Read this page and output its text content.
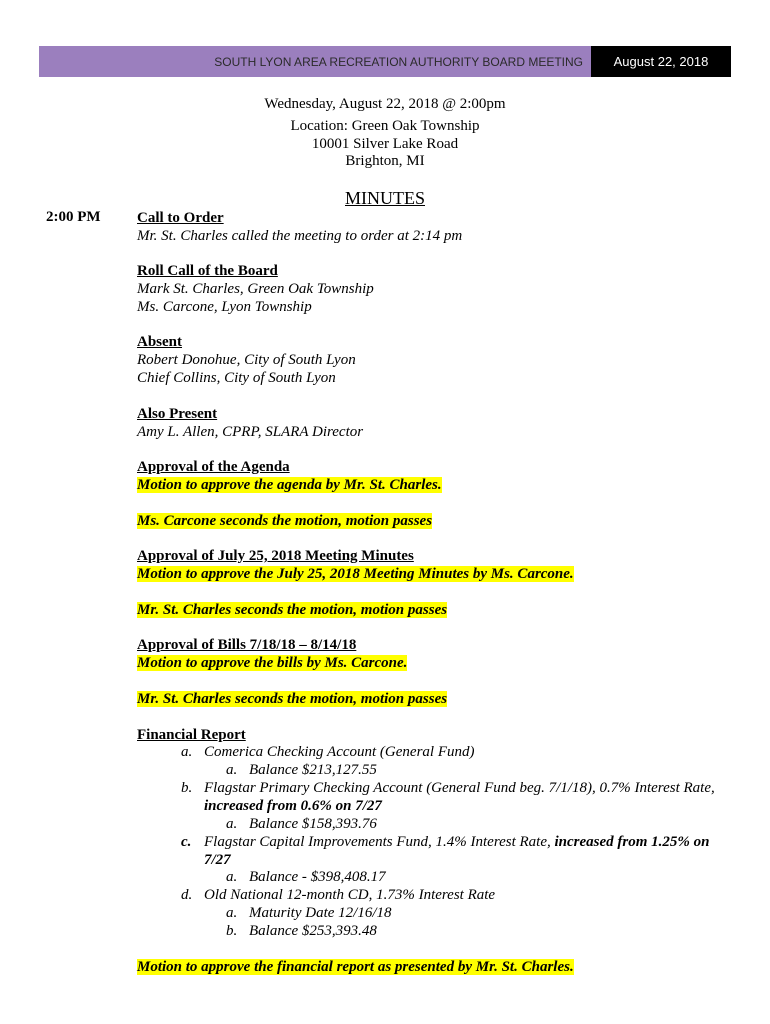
SOUTH LYON AREA RECREATION AUTHORITY BOARD MEETING	August 22, 2018
Wednesday, August 22, 2018 @ 2:00pm
Location: Green Oak Township
10001 Silver Lake Road
Brighton, MI
MINUTES
2:00 PM Call to Order
Mr. St. Charles called the meeting to order at 2:14 pm
Roll Call of the Board
Mark St. Charles, Green Oak Township
Ms. Carcone, Lyon Township
Absent
Robert Donohue, City of South Lyon
Chief Collins, City of South Lyon
Also Present
Amy L. Allen, CPRP, SLARA Director
Approval of the Agenda
Motion to approve the agenda by Mr. St. Charles.
Ms. Carcone seconds the motion, motion passes
Approval of July 25, 2018 Meeting Minutes
Motion to approve the July 25, 2018 Meeting Minutes by Ms. Carcone.
Mr. St. Charles seconds the motion, motion passes
Approval of Bills 7/18/18 – 8/14/18
Motion to approve the bills by Ms. Carcone.
Mr. St. Charles seconds the motion, motion passes
Financial Report
a. Comerica Checking Account (General Fund)
a. Balance $213,127.55
b. Flagstar Primary Checking Account (General Fund beg. 7/1/18), 0.7% Interest Rate,
increased from 0.6% on 7/27
a. Balance $158,393.76
c. Flagstar Capital Improvements Fund, 1.4% Interest Rate, increased from 1.25% on
7/27
a. Balance - $398,408.17
d. Old National 12-month CD, 1.73% Interest Rate
a. Maturity Date 12/16/18
b. Balance $253,393.48
Motion to approve the financial report as presented by Mr. St. Charles.
